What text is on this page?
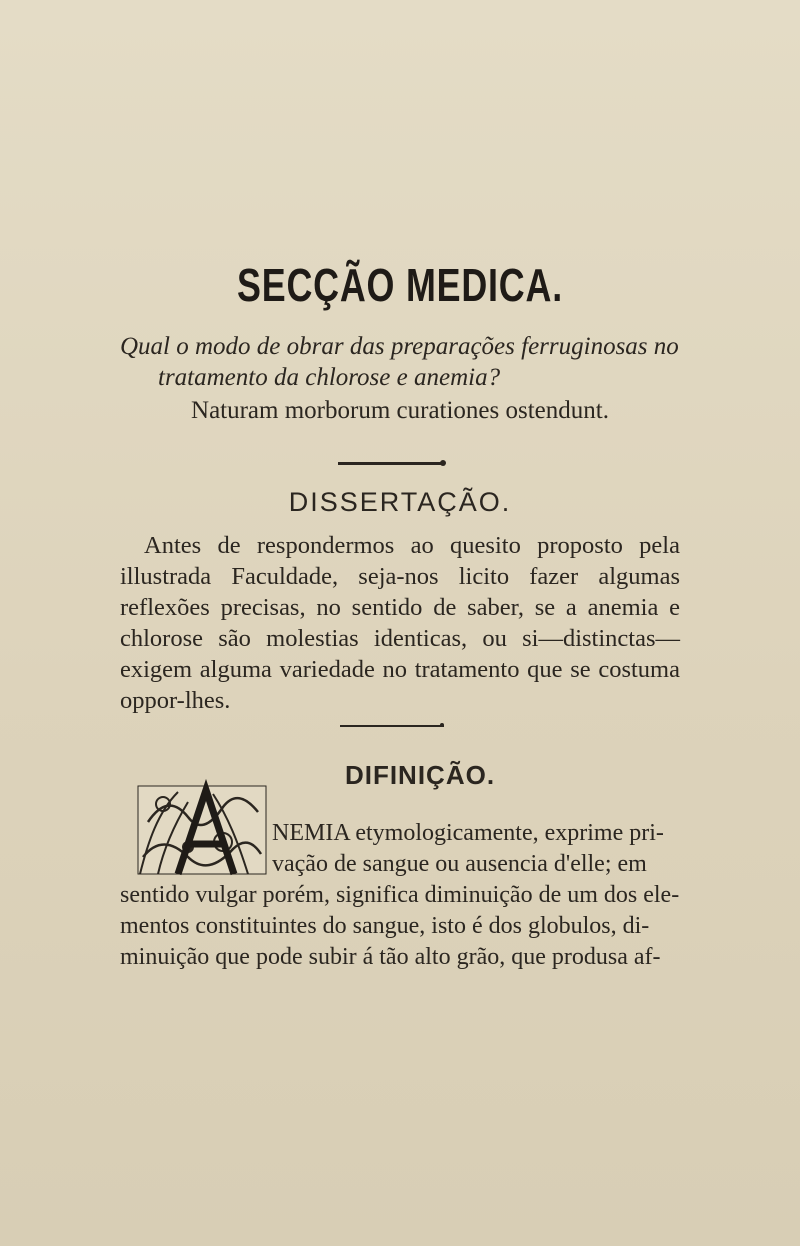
SECÇÃO MEDICA.
Qual o modo de obrar das preparações ferruginosas no
tratamento da chlorose e anemia?
Naturam morborum curationes ostendunt.
DISSERTAÇÃO.

Antes de respondermos ao quesito proposto pela illustrada Faculdade, seja-nos licito fazer algumas reflexões precisas, no sentido de saber, se a anemia e chlorose são molestias identicas, ou si—distinctas—exigem alguma variedade no tratamento que se costuma oppor-lhes.

DIFINIÇÃO.
A
NEMIA etymologicamente, exprime pri-
vação de sangue ou ausencia d'elle; em
sentido vulgar porém, significa diminuição de um dos ele-
mentos constituintes do sangue, isto é dos globulos, di-
minuição que pode subir á tão alto grão, que produsa af-
